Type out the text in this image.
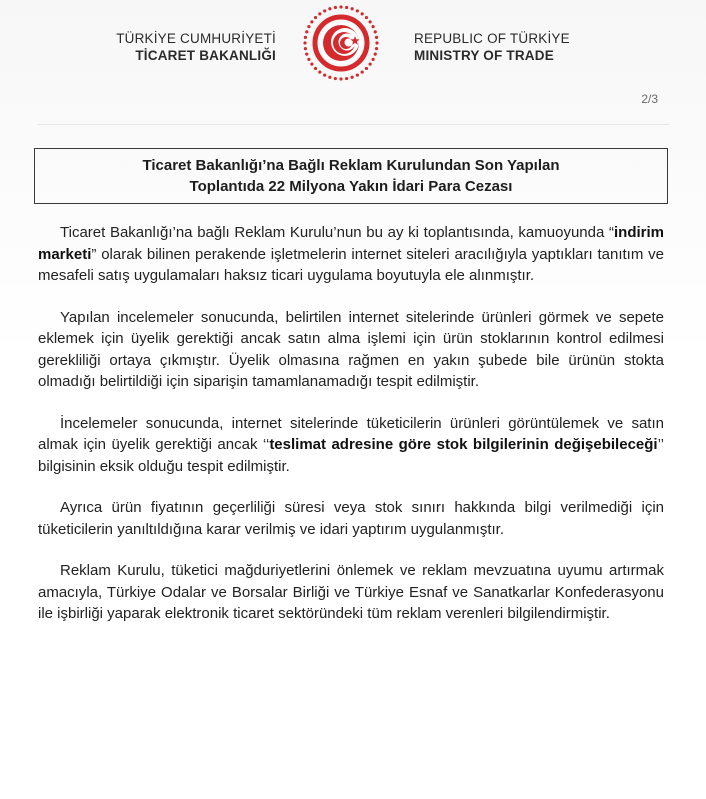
TÜRKİYE CUMHURİYETİ
TİCARET BAKANLIĞI
REPUBLIC OF TÜRKİYE
MINISTRY OF TRADE
2/3
Ticaret Bakanlığı’na Bağlı Reklam Kurulundan Son Yapılan
Toplantıda 22 Milyona Yakın İdari Para Cezası

Ticaret Bakanlığı’na bağlı Reklam Kurulu’nun bu ay ki toplantısında, kamuoyunda “indirim marketi” olarak bilinen perakende işletmelerin internet siteleri aracılığıyla yaptıkları tanıtım ve mesafeli satış uygulamaları haksız ticari uygulama boyutuyla ele alınmıştır.

Yapılan incelemeler sonucunda, belirtilen internet sitelerinde ürünleri görmek ve sepete eklemek için üyelik gerektiği ancak satın alma işlemi için ürün stoklarının kontrol edilmesi gerekliliği ortaya çıkmıştır. Üyelik olmasına rağmen en yakın şubede bile ürünün stokta olmadığı belirtildiği için siparişin tamamlanamadığı tespit edilmiştir.

İncelemeler sonucunda, internet sitelerinde tüketicilerin ürünleri görüntülemek ve satın almak için üyelik gerektiği ancak ‘‘teslimat adresine göre stok bilgilerinin değişebileceği’’ bilgisinin eksik olduğu tespit edilmiştir.

Ayrıca ürün fiyatının geçerliliği süresi veya stok sınırı hakkında bilgi verilmediği için tüketicilerin yanıltıldığına karar verilmiş ve idari yaptırım uygulanmıştır.

Reklam Kurulu, tüketici mağduriyetlerini önlemek ve reklam mevzuatına uyumu artırmak amacıyla, Türkiye Odalar ve Borsalar Birliği ve Türkiye Esnaf ve Sanatkarlar Konfederasyonu ile işbirliği yaparak elektronik ticaret sektöründeki tüm reklam verenleri bilgilendirmiştir.
